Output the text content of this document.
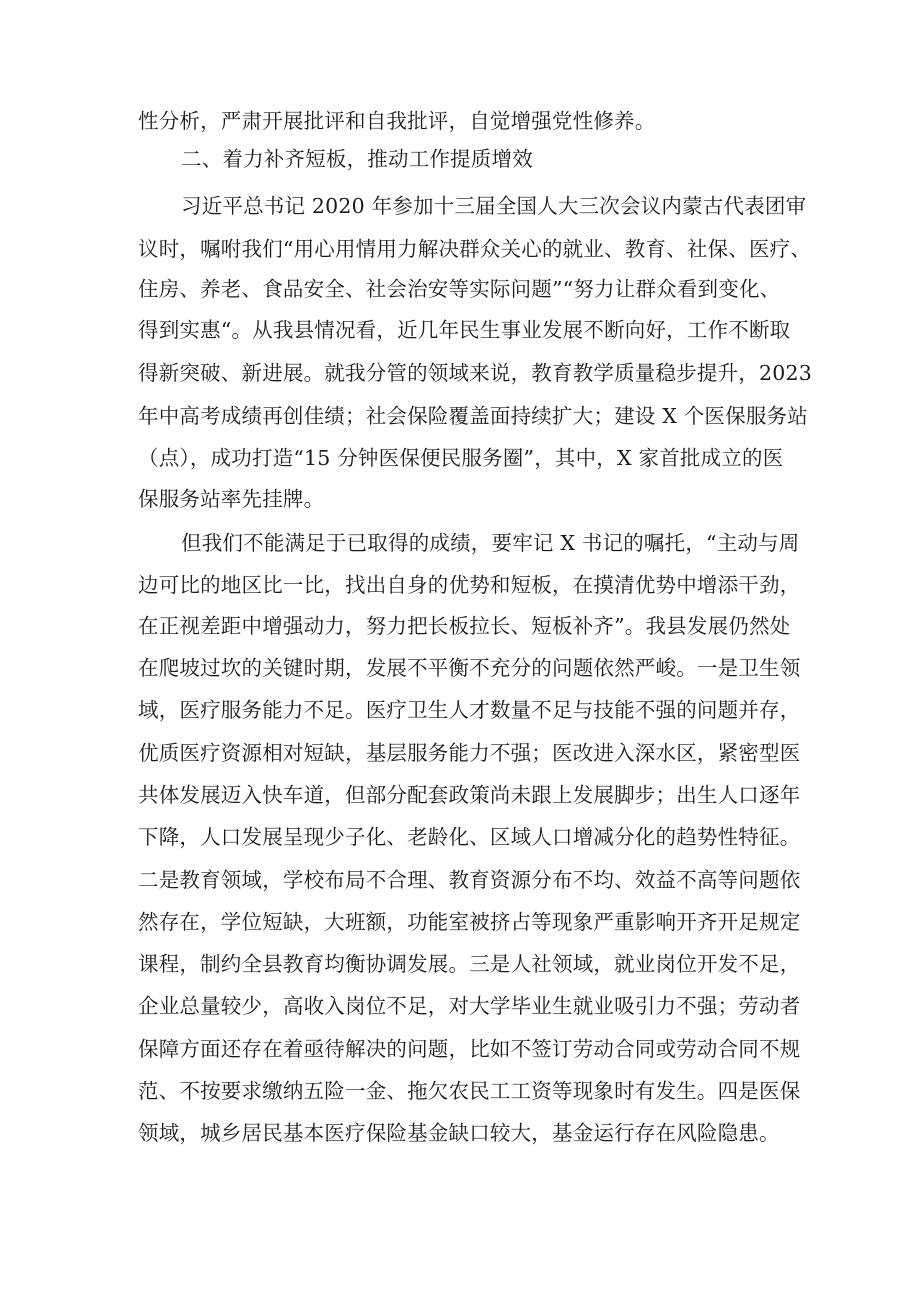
性分析，严肃开展批评和自我批评，自觉增强党性修养。

二、着力补齐短板，推动工作提质增效

习近平总书记 2020 年参加十三届全国人大三次会议内蒙古代表团审

议时，嘱咐我们“用心用情用力解决群众关心的就业、教育、社保、医疗、

住房、养老、食品安全、社会治安等实际问题”“努力让群众看到变化、

得到实惠“。从我县情况看，近几年民生事业发展不断向好，工作不断取

得新突破、新进展。就我分管的领域来说，教育教学质量稳步提升，2023

年中高考成绩再创佳绩；社会保险覆盖面持续扩大；建设 X 个医保服务站

（点），成功打造“15 分钟医保便民服务圈”，其中，X 家首批成立的医

保服务站率先挂牌。

但我们不能满足于已取得的成绩，要牢记 X 书记的嘱托，“主动与周

边可比的地区比一比，找出自身的优势和短板，在摸清优势中增添干劲，

在正视差距中增强动力，努力把长板拉长、短板补齐”。我县发展仍然处

在爬坡过坎的关键时期，发展不平衡不充分的问题依然严峻。一是卫生领

域，医疗服务能力不足。医疗卫生人才数量不足与技能不强的问题并存，

优质医疗资源相对短缺，基层服务能力不强；医改进入深水区，紧密型医

共体发展迈入快车道，但部分配套政策尚未跟上发展脚步；出生人口逐年

下降，人口发展呈现少子化、老龄化、区域人口增减分化的趋势性特征。

二是教育领域，学校布局不合理、教育资源分布不均、效益不高等问题依

然存在，学位短缺，大班额，功能室被挤占等现象严重影响开齐开足规定

课程，制约全县教育均衡协调发展。三是人社领域，就业岗位开发不足，

企业总量较少，高收入岗位不足，对大学毕业生就业吸引力不强；劳动者

保障方面还存在着亟待解决的问题，比如不签订劳动合同或劳动合同不规

范、不按要求缴纳五险一金、拖欠农民工工资等现象时有发生。四是医保

领域，城乡居民基本医疗保险基金缺口较大，基金运行存在风险隐患。
